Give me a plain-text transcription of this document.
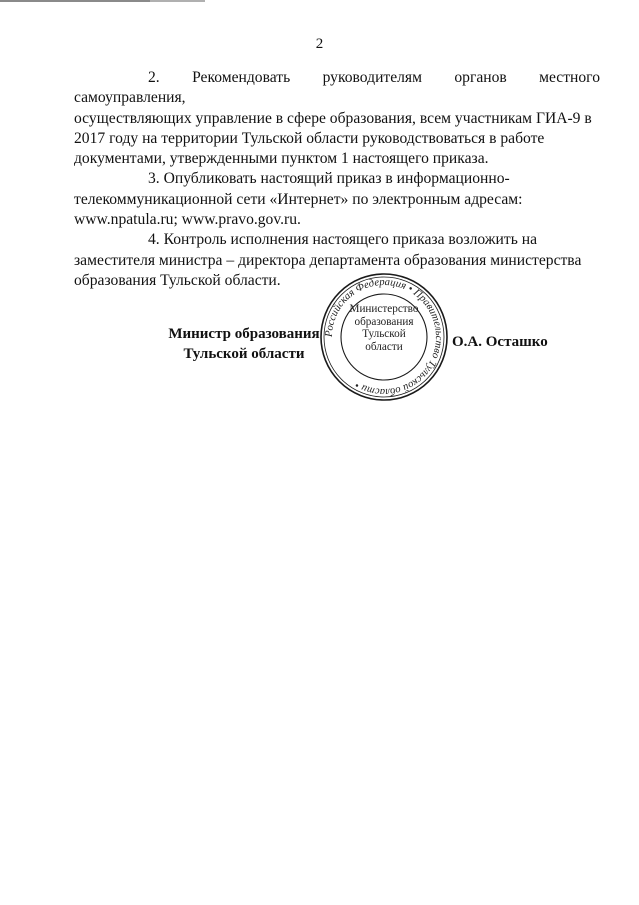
2

2. Рекомендовать руководителям органов местного самоуправления,
осуществляющих управление в сфере образования, всем участникам ГИА-9 в
2017 году на территории Тульской области руководствоваться в работе
документами, утвержденными пунктом 1 настоящего приказа.

3. Опубликовать настоящий приказ в информационно-
телекоммуникационной сети «Интернет» по электронным адресам:
www.npatula.ru; www.pravo.gov.ru.

4. Контроль исполнения настоящего приказа возложить на
заместителя министра – директора департамента образования министерства
образования Тульской области.

Министр образования
Тульской области
Российская Федерация • Правительство Тульской области •
Министерство
образования
Тульской
области	О.А. Осташко
